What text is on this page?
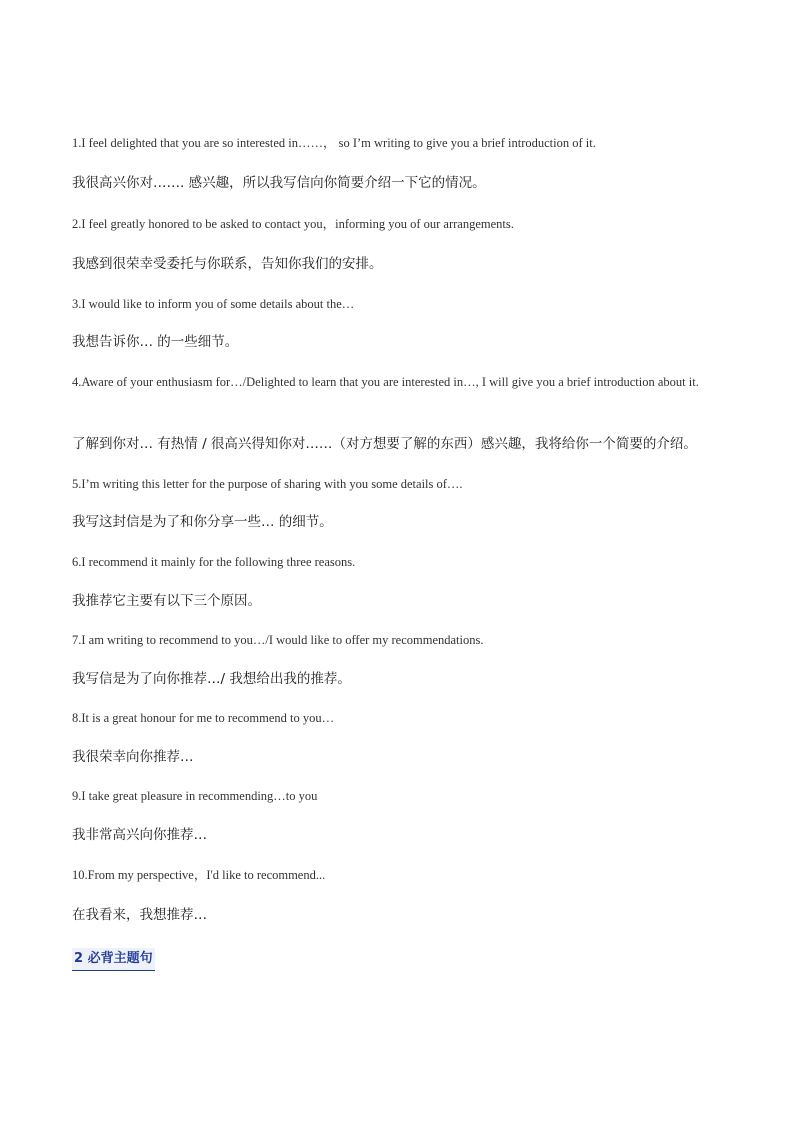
1.I feel delighted that you are so interested in……， so I’m writing to give you a brief introduction of it.
我很高兴你对……. 感兴趣，所以我写信向你简要介绍一下它的情况。
2.I feel greatly honored to be asked to contact you，informing you of our arrangements.
我感到很荣幸受委托与你联系，告知你我们的安排。
3.I would like to inform you of some details about the…
我想告诉你… 的一些细节。
4.Aware of your enthusiasm for…/Delighted to learn that you are interested in…, I will give you a brief introduction about it.
了解到你对… 有热情 / 很高兴得知你对……（对方想要了解的东西）感兴趣，我将给你一个简要的介绍。
5.I’m writing this letter for the purpose of sharing with you some details of….
我写这封信是为了和你分享一些… 的细节。
6.I recommend it mainly for the following three reasons.
我推荐它主要有以下三个原因。
7.I am writing to recommend to you…/I would like to offer my recommendations.
我写信是为了向你推荐…/ 我想给出我的推荐。
8.It is a great honour for me to recommend to you…
我很荣幸向你推荐…
9.I take great pleasure in recommending…to you
我非常高兴向你推荐…
10.From my perspective，I'd like to recommend...
在我看来，我想推荐…
2 必背主题句
